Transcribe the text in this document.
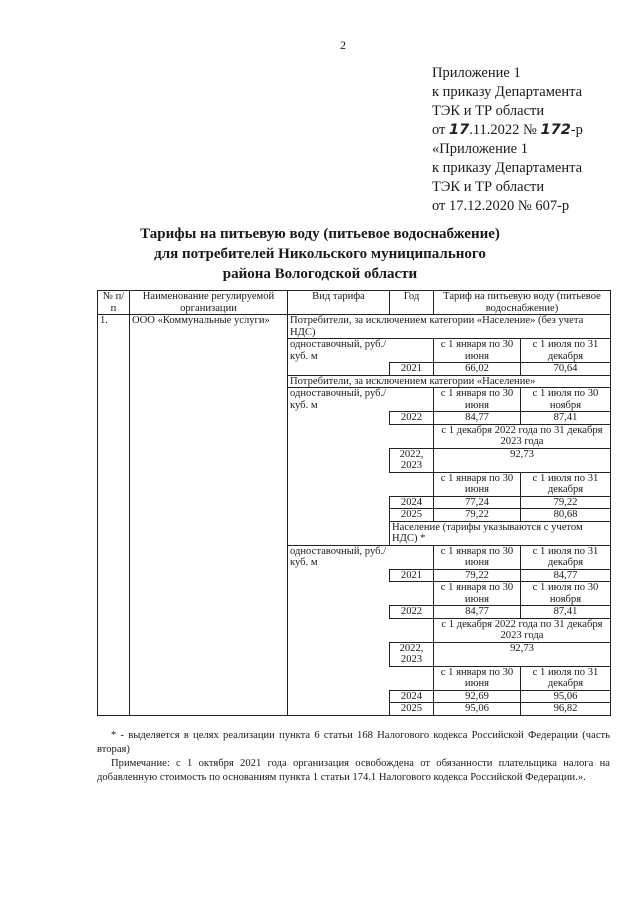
2
Приложение 1
к приказу Департамента
ТЭК и ТР области
от 17.11.2022 № 172-р
«Приложение 1
к приказу Департамента
ТЭК и ТР области
от 17.12.2020 № 607-р
Тарифы на питьевую воду (питьевое водоснабжение)
для потребителей Никольского муниципального
района Вологодской области
№ п/п	Наименование регулируемой организации	Вид тарифа	Год	Тариф на питьевую воду (питьевое водоснабжение)	
1.	ООО «Коммунальные услуги»	Потребители, за исключением категории «Население» (без учета НДС)			
		одноставочный, руб./куб. м		с 1 января по 30 июня	с 1 июля по 31 декабря
			2021	66,02	70,64
		Потребители, за исключением категории «Население»			
		одноставочный, руб./куб. м		с 1 января по 30 июня	с 1 июля по 30 ноября
			2022	84,77	87,41
				с 1 декабря 2022 года по 31 декабря 2023 года	
			2022, 2023	92,73	
				с 1 января по 30 июня	с 1 июля по 31 декабря
			2024	77,24	79,22
			2025	79,22	80,68
			Население (тарифы указываются с учетом НДС) *		
		одноставочный, руб./куб. м		с 1 января по 30 июня	с 1 июля по 31 декабря
			2021	79,22	84,77
				с 1 января по 30 июня	с 1 июля по 30 ноября
			2022	84,77	87,41
				с 1 декабря 2022 года по 31 декабря 2023 года	
			2022, 2023	92,73	
				с 1 января по 30 июня	с 1 июля по 31 декабря
			2024	92,69	95,06
			2025	95,06	96,82

* - выделяется в целях реализации пункта 6 статьи 168 Налогового кодекса Российской Федерации (часть вторая)

Примечание: с 1 октября 2021 года организация освобождена от обязанности плательщика налога на добавленную стоимость по основаниям пункта 1 статьи 174.1 Налогового кодекса Российской Федерации.».
